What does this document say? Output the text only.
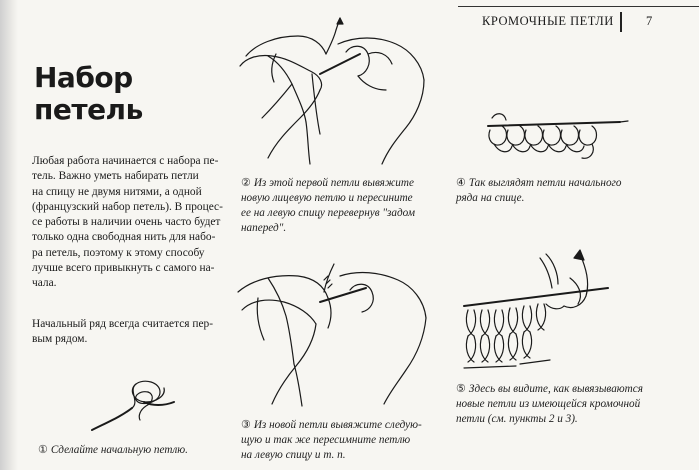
КРОМОЧНЫЕ ПЕТЛИ	7
Набор
петель

Любая работа начинается с набора пе-
тель. Важно уметь набирать петли
на спицу не двумя нитями, а одной
(французский набор петель). В процес-
се работы в наличии очень часто будет
только одна свободная нить для набо-
ра петель, поэтому к этому способу
лучше всего привыкнуть с самого на-
чала.

Начальный ряд всегда считается пер-
вым рядом.

① Сделайте начальную петлю.

② Из этой первой петли вывяжите
новую лицевую петлю и пересините
ее на левую спицу перевернув "задом
наперед".

③ Из новой петли вывяжите следую-
щую и так же пересимните петлю
на левую спицу и т. п.

④ Так выглядят петли начального
ряда на спице.

⑤ Здесь вы видите, как вывязываются
новые петли из имеющейся кромочной
петли (см. пункты 2 и 3).
